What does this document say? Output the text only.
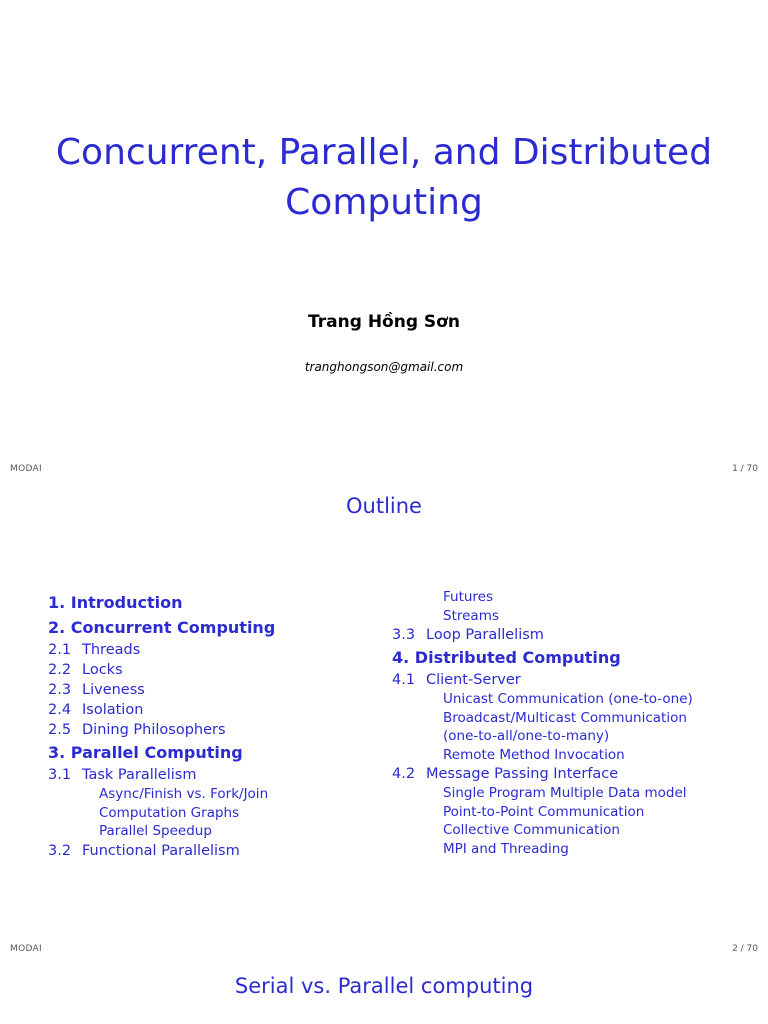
Concurrent, Parallel, and Distributed
Computing
Trang Hồng Sơn
tranghongson@gmail.com
MODAI	1 / 70
Outline
1. Introduction
2. Concurrent Computing
2.1 Threads
2.2 Locks
2.3 Liveness
2.4 Isolation
2.5 Dining Philosophers
3. Parallel Computing
3.1 Task Parallelism
Async/Finish vs. Fork/Join
Computation Graphs
Parallel Speedup
3.2 Functional Parallelism
Futures
Streams
3.3 Loop Parallelism
4. Distributed Computing
4.1 Client-Server
Unicast Communication (one-to-one)
Broadcast/Multicast Communication
(one-to-all/one-to-many)
Remote Method Invocation
4.2 Message Passing Interface
Single Program Multiple Data model
Point-to-Point Communication
Collective Communication
MPI and Threading
MODAI	2 / 70
Serial vs. Parallel computing
